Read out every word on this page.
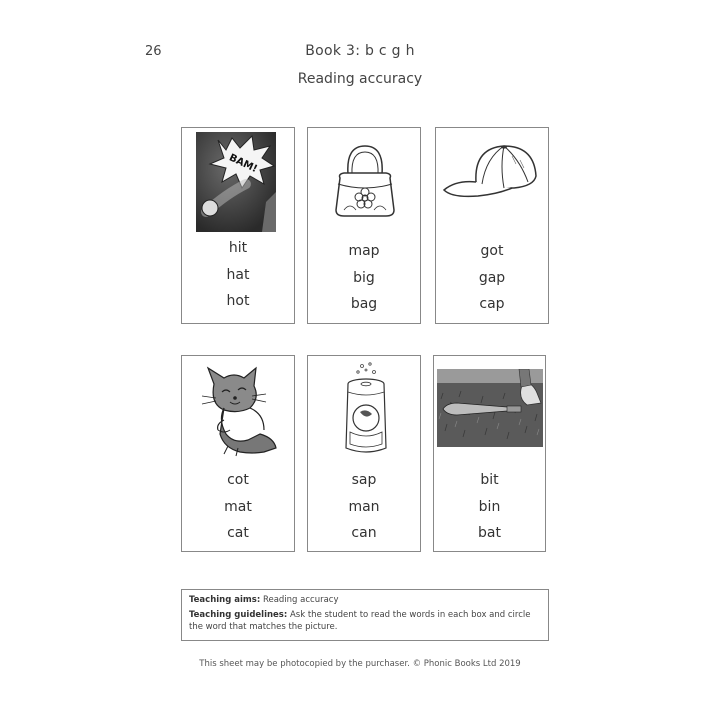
26	Book 3: b c g h
Reading accuracy
BAM!
hit
hat
hot
map
big
bag
got
gap
cap
cot
mat
cat
sap
man
can
bit
bin
bat
Teaching aims: Reading accuracy
Teaching guidelines: Ask the student to read the words in each box and circle the word that matches the picture.
This sheet may be photocopied by the purchaser. © Phonic Books Ltd 2019
